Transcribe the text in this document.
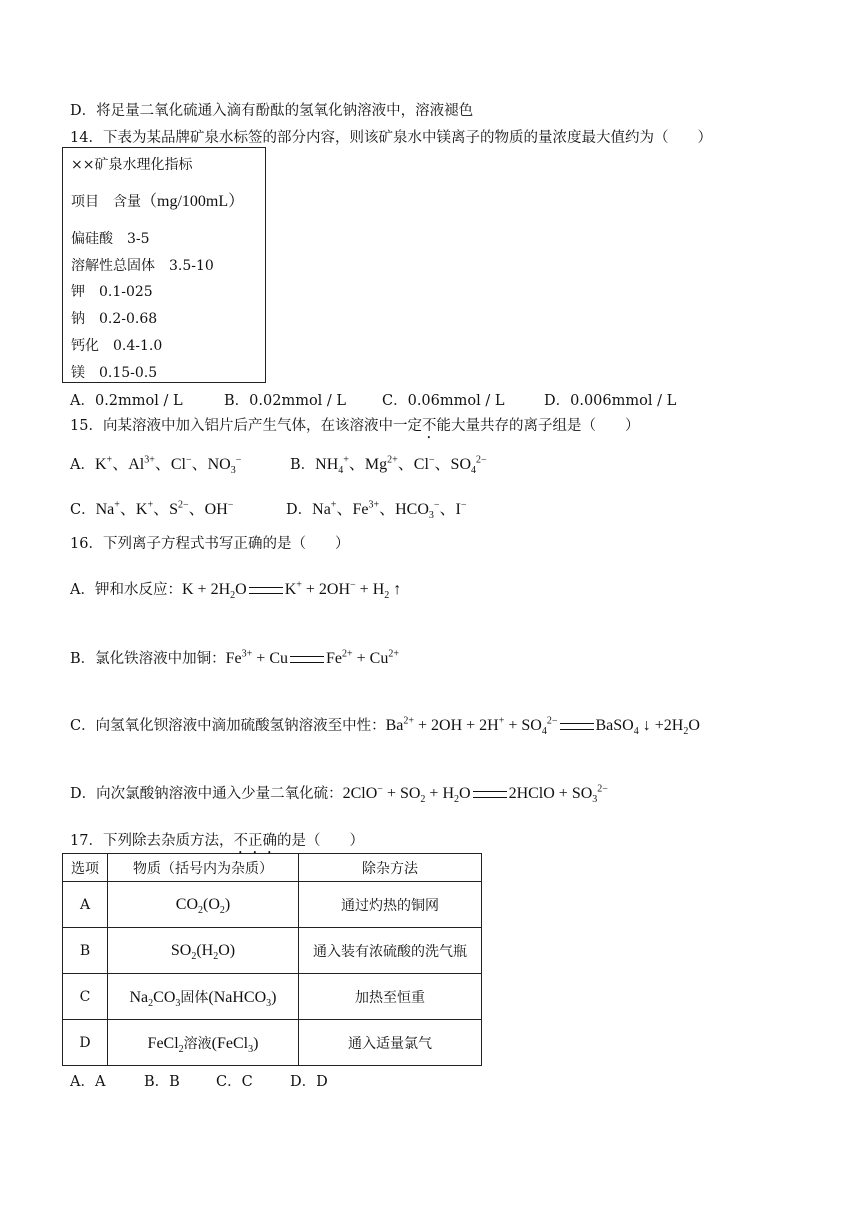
D．将足量二氧化硫通入滴有酚酞的氢氧化钠溶液中，溶液褪色
14．下表为某品牌矿泉水标签的部分内容，则该矿泉水中镁离子的物质的量浓度最大值约为（　　）
××矿泉水理化指标
项目　含量（mg/100mL）
偏硅酸　 3-5
溶解性总固体　 3.5-10
钾　 0.1-025
钠　 0.2-0.68
钙化　 0.4-1.0
镁　 0.15-0.5
A．0.2mmol / L	B．0.02mmol / L C．0.06mmol / L	D．0.006mmol / L
15．向某溶液中加入铝片后产生气体，在该溶液中一定不能大量共存的离子组是（　　）
A．K+、$Al^{3+}$、Cl−、$NO_3^-$	B．$NH_4^+$、$Mg^{2+}$、Cl−、$SO_4^{2-}$
C．Na+、K+、$S^{2-}$、OH−	D．Na+、$Fe^{3+}$、$HCO_3^-$、I−
16．下列离子方程式书写正确的是（　　）
A．钾和水反应：$K + 2H_2O$ $K^+ + 2OH^- + H_2$ ↑
B．氯化铁溶液中加铜：$Fe^{3+} + Cu$ $Fe^{2+} + Cu^{2+}$
C．向氢氧化钡溶液中滴加硫酸氢钠溶液至中性：$Ba^{2+} + 2OH + 2H^+ + SO_4^{2-}$ BaSO$_4$ ↓ $+2H_2O$
D．向次氯酸钠溶液中通入少量二氧化硫：$2ClO^- + SO_2 + H_2O$ 2HClO + $SO_3^{2-}$
17．下列除去杂质方法，不正确的是（　　）
选项	物质（括号内为杂质）	除杂方法
A	$CO_2(O_2)$	通过灼热的铜网
B	$SO_2(H_2O)$	通入装有浓硫酸的洗气瓶
C	$Na_2CO_3$固体(NaHCO$_3$)	加热至恒重
D	FeCl$_2$溶液(FeCl$_3$)	通入适量氯气
A．A	B．B C．C	D．D
